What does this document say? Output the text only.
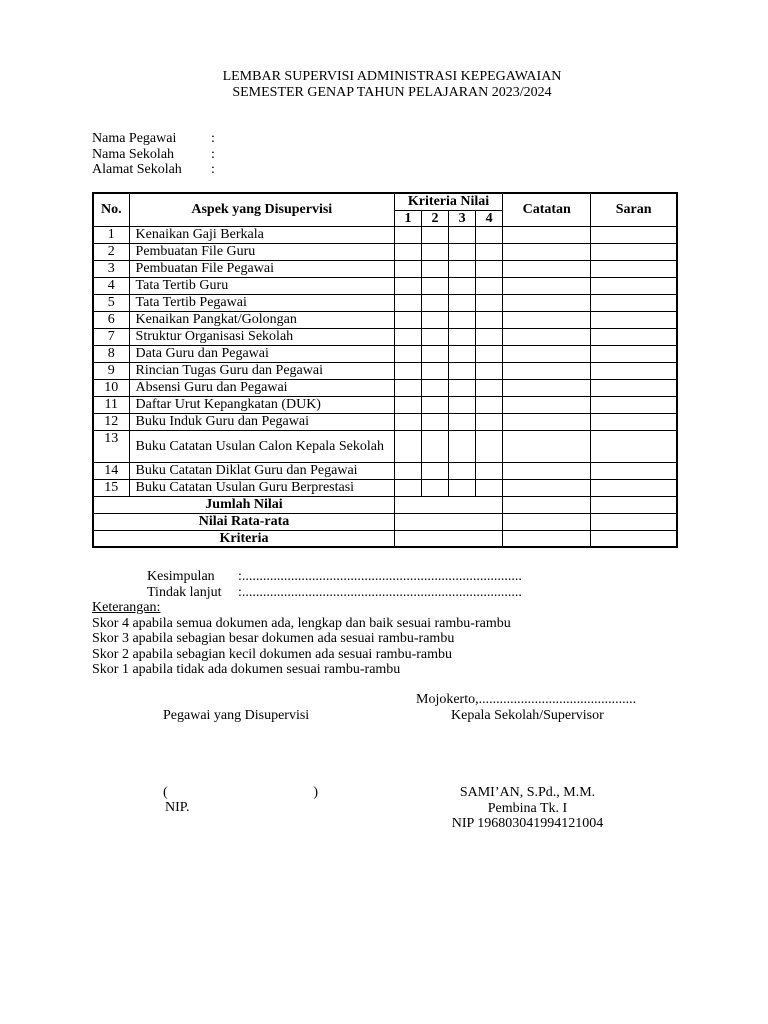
LEMBAR SUPERVISI ADMINISTRASI KEPEGAWAIAN
SEMESTER GENAP TAHUN PELAJARAN 2023/2024
Nama Pegawai	:
Nama Sekolah	:
Alamat Sekolah	:
No.	Aspek yang Disupervisi	Kriteria Nilai				Catatan	Saran
		1	2	3	4		
1	Kenaikan Gaji Berkala						
2	Pembuatan File Guru						
3	Pembuatan File Pegawai						
4	Tata Tertib Guru						
5	Tata Tertib Pegawai						
6	Kenaikan Pangkat/Golongan						
7	Struktur Organisasi Sekolah						
8	Data Guru dan Pegawai						
9	Rincian Tugas Guru dan Pegawai						
10	Absensi Guru dan Pegawai						
11	Daftar Urut Kepangkatan (DUK)						
12	Buku Induk Guru dan Pegawai						
13	Buku Catatan Usulan Calon Kepala Sekolah						
14	Buku Catatan Diklat Guru dan Pegawai						
15	Buku Catatan Usulan Guru Berprestasi						
Jumlah Nilai							
Nilai Rata-rata							
Kriteria							
Kesimpulan	:................................................................................
Tindak lanjut	:................................................................................
Keterangan:
Skor 4 apabila semua dokumen ada, lengkap dan baik sesuai rambu-rambu
Skor 3 apabila sebagian besar dokumen ada sesuai rambu-rambu
Skor 2 apabila sebagian kecil dokumen ada sesuai rambu-rambu
Skor 1 apabila tidak ada dokumen sesuai rambu-rambu
Mojokerto,.............................................
Pegawai yang Disupervisi	Kepala Sekolah/Supervisor
(	)
NIP.
SAMI’AN, S.Pd., M.M.
Pembina Tk. I
NIP 196803041994121004
